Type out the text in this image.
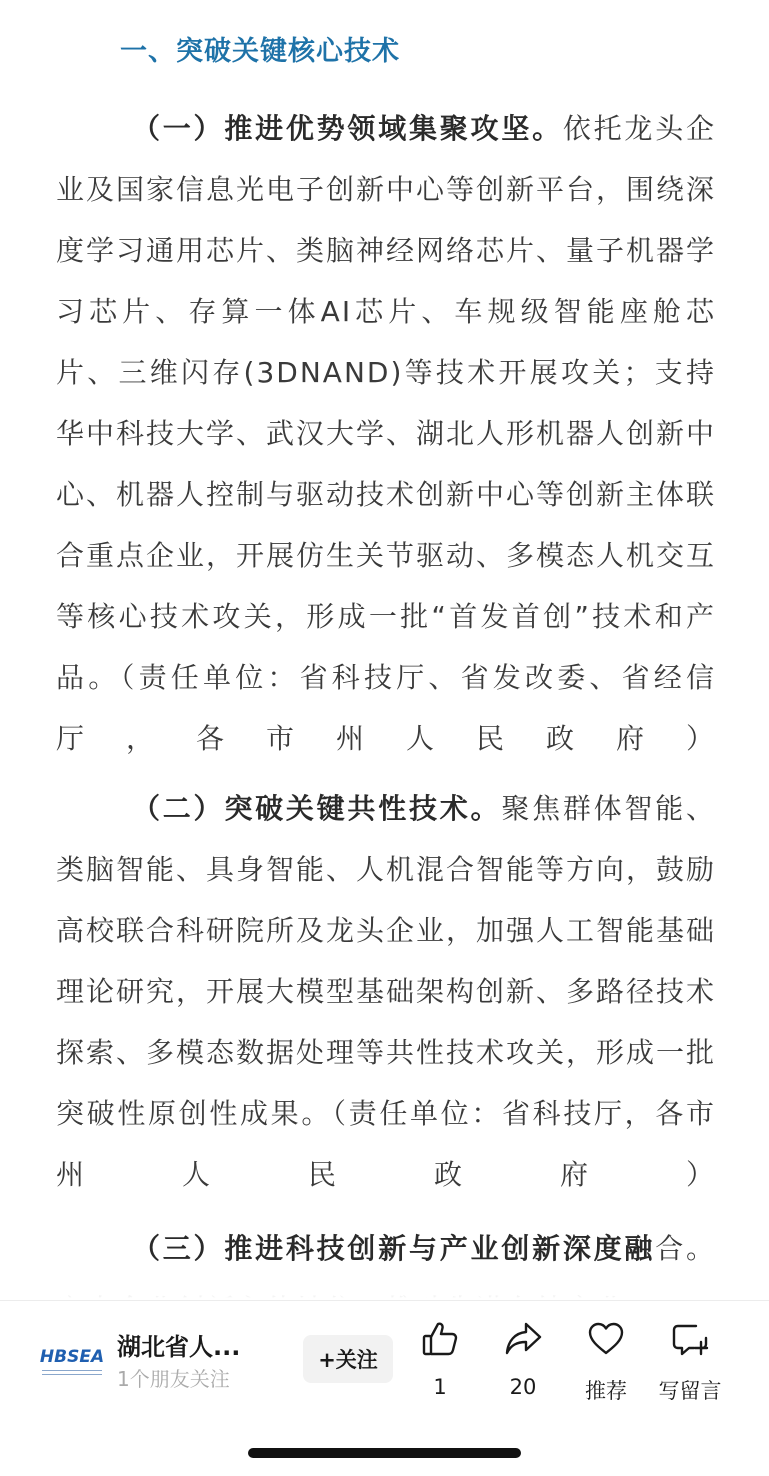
一、突破关键核心技术

（一）推进优势领域集聚攻坚。依托龙头企业及国家信息光电子创新中心等创新平台，围绕深度学习通用芯片、类脑神经网络芯片、量子机器学习芯片、存算一体AI芯片、车规级智能座舱芯片、三维闪存(3DNAND)等技术开展攻关；支持华中科技大学、武汉大学、湖北人形机器人创新中心、机器人控制与驱动技术创新中心等创新主体联合重点企业，开展仿生关节驱动、多模态人机交互等核心技术攻关，形成一批“首发首创”技术和产品。（责任单位：省科技厅、省发改委、省经信厅，各市州人民政府）

（二）突破关键共性技术。聚焦群体智能、类脑智能、具身智能、人机混合智能等方向，鼓励高校联合科研院所及龙头企业，加强人工智能基础理论研究，开展大模型基础架构创新、多路径技术探索、多模态数据处理等共性技术攻关，形成一批突破性原创性成果。（责任单位：省科技厅，各市州人民政府）

（三）推进科技创新与产业创新深度融合。

HBSEA 湖北省人...
1个朋友关注
+关注
1	20 推荐 写留言
